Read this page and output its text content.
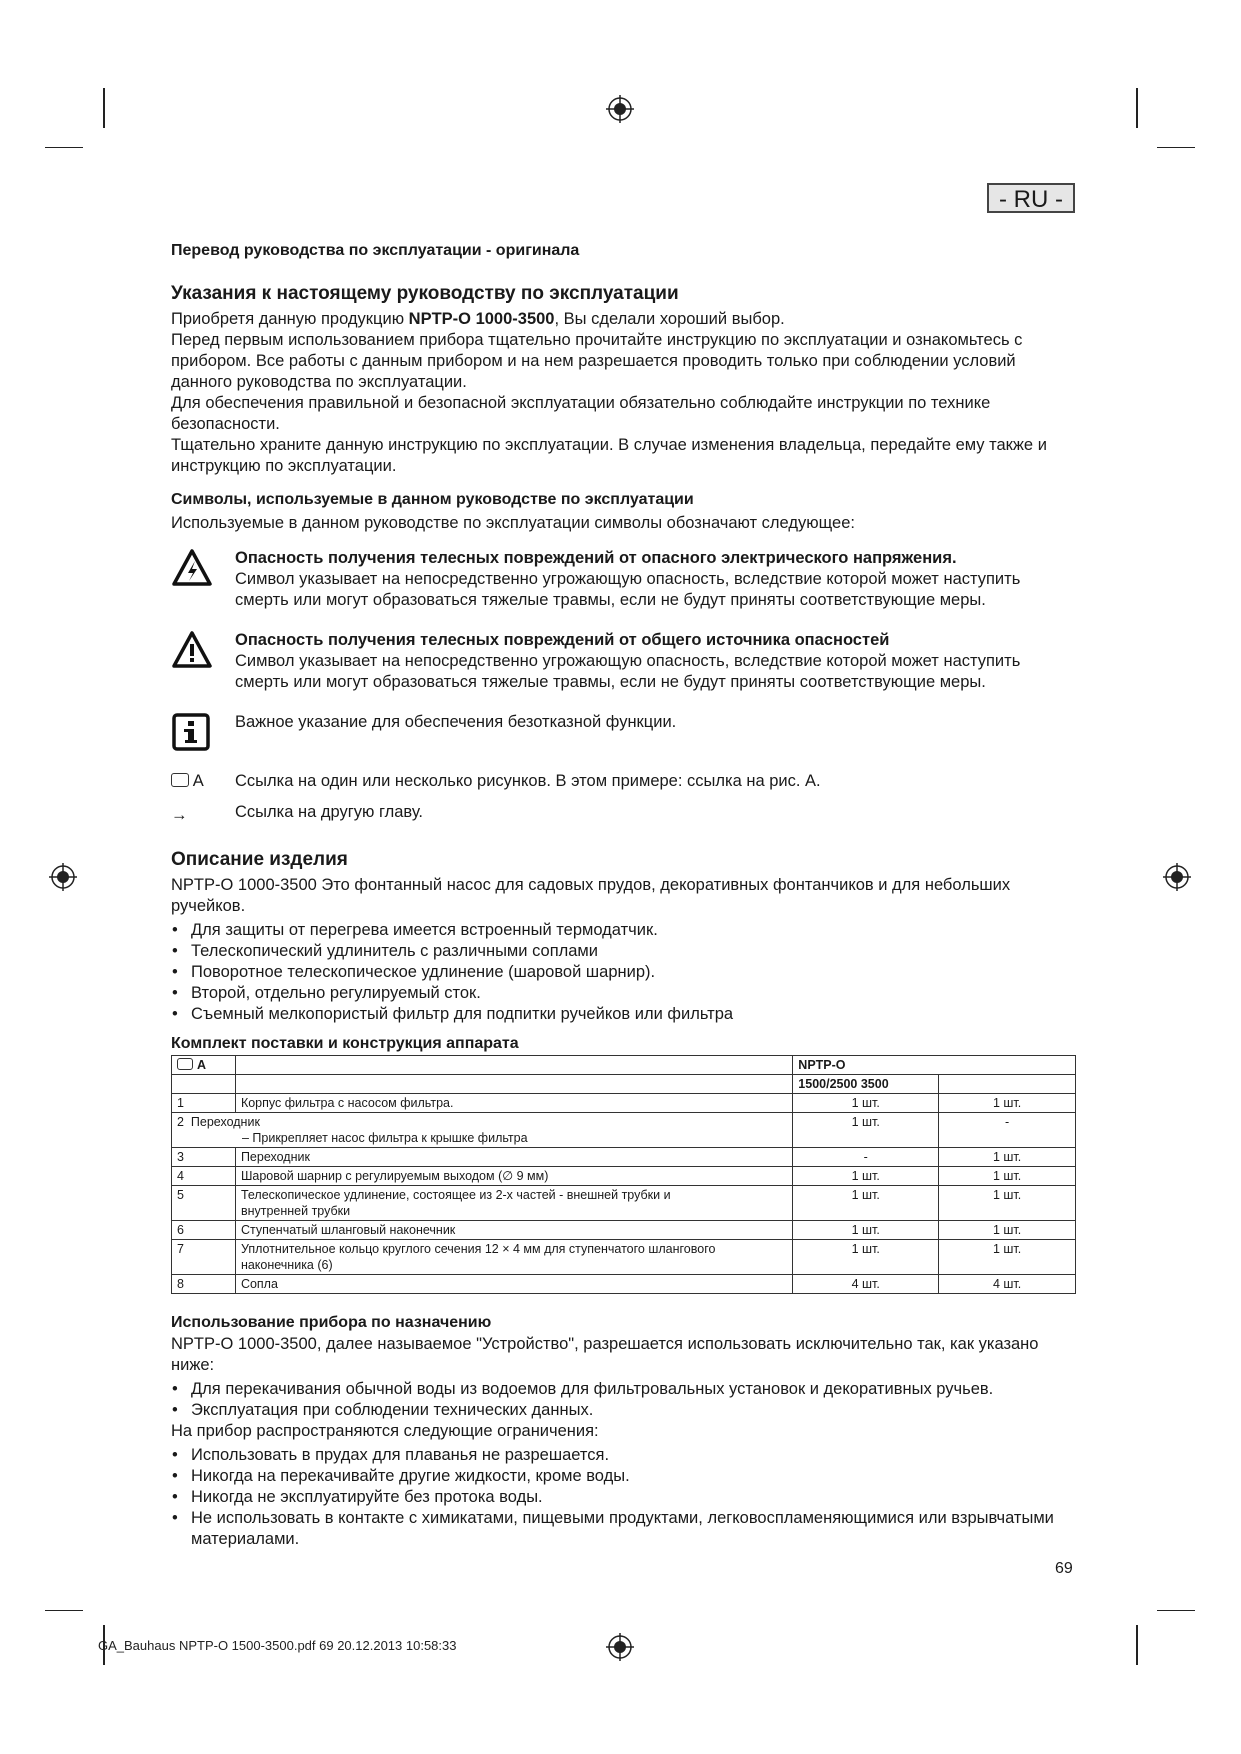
- RU -

Перевод руководства по эксплуатации - оригинала

Указания к настоящему руководству по эксплуатации

Приобретя данную продукцию NPTP-O 1000-3500, Вы сделали хороший выбор.

Перед первым использованием прибора тщательно прочитайте инструкцию по эксплуатации и ознакомьтесь с прибором. Все работы с данным прибором и на нем разрешается проводить только при соблюдении условий данного руководства по эксплуатации.

Для обеспечения правильной и безопасной эксплуатации обязательно соблюдайте инструкции по технике безопасности.

Тщательно храните данную инструкцию по эксплуатации. В случае изменения владельца, передайте ему также и инструкцию по эксплуатации.

Символы, используемые в данном руководстве по эксплуатации

Используемые в данном руководстве по эксплуатации символы обозначают следующее:

Опасность получения телесных повреждений от опасного электрического напряжения.

Символ указывает на непосредственно угрожающую опасность, вследствие которой может наступить смерть или могут образоваться тяжелые травмы, если не будут приняты соответствующие меры.

Опасность получения телесных повреждений от общего источника опасностей

Символ указывает на непосредственно угрожающую опасность, вследствие которой может наступить смерть или могут образоваться тяжелые травмы, если не будут приняты соответствующие меры.

Важное указание для обеспечения безотказной функции.

A	Ссылка на один или несколько рисунков. В этом примере: ссылка на рис. А.

→	Ссылка на другую главу.

Описание изделия

NPTP-O 1000-3500 Это фонтанный насос для садовых прудов, декоративных фонтанчиков и для небольших ручейков.

• Для защиты от перегрева имеется встроенный термодатчик.
• Телескопический удлинитель с различными соплами
• Поворотное телескопическое удлинение (шаровой шарнир).
• Второй, отдельно регулируемый сток.
• Съемный мелкопористый фильтр для подпитки ручейков или фильтра

Комплект поставки и конструкция аппарата

A		NPTP-O	
		1500/2500 3500	
1	Корпус фильтра с насосом фильтра.	1 шт.	1 шт.
2 Переходник
– Прикрепляет насос фильтра к крышке фильтра		1 шт.	-
3	Переходник	-	1 шт.
4	Шаровой шарнир с регулируемым выходом (∅ 9 мм)	1 шт.	1 шт.
5	Телескопическое удлинение, состоящее из 2-х частей - внешней трубки и внутренней трубки	1 шт.	1 шт.
6	Ступенчатый шланговый наконечник	1 шт.	1 шт.
7	Уплотнительное кольцо круглого сечения 12 × 4 мм для ступенчатого шлангового наконечника (6)	1 шт.	1 шт.
8	Сопла	4 шт.	4 шт.

Использование прибора по назначению

NPTP-O 1000-3500, далее называемое "Устройство", разрешается использовать исключительно так, как указано ниже:

• Для перекачивания обычной воды из водоемов для фильтровальных установок и декоративных ручьев.
• Эксплуатация при соблюдении технических данных.

На прибор распространяются следующие ограничения:

• Использовать в прудах для плаванья не разрешается.
• Никогда на перекачивайте другие жидкости, кроме воды.
• Никогда не эксплуатируйте без протока воды.
• Не использовать в контакте с химикатами, пищевыми продуктами, легковоспламеняющимися или взрывчатыми материалами.
69
GA_Bauhaus NPTP-O 1500-3500.pdf 69 20.12.2013 10:58:33
